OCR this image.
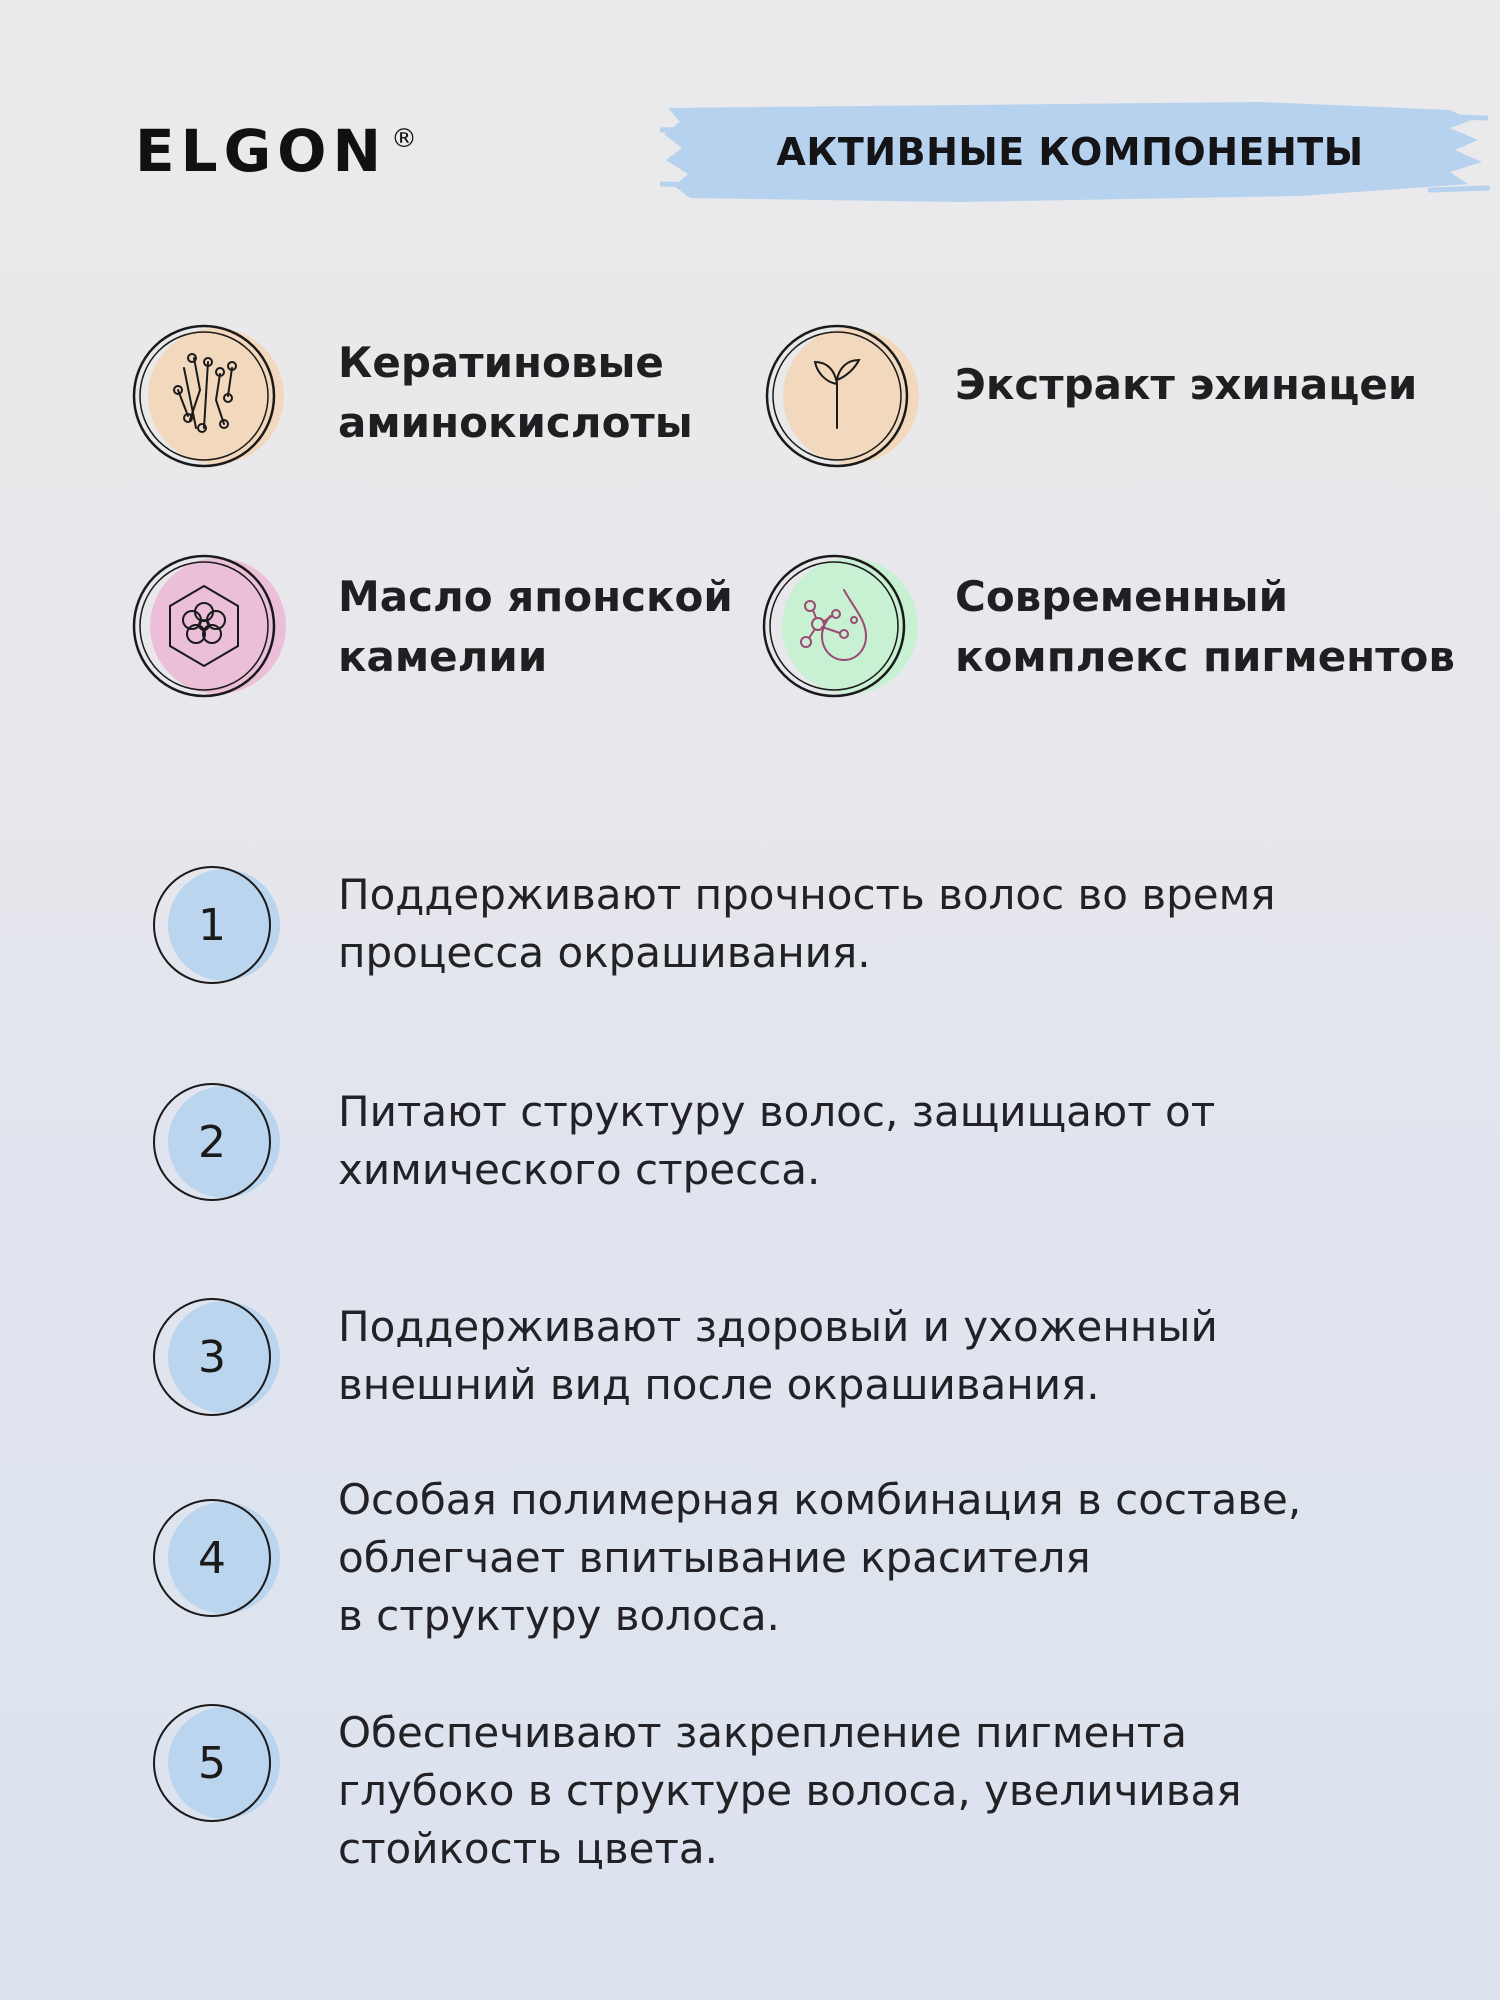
ELGON ®	АКТИВНЫЕ КОМПОНЕНТЫ
Кератиновые
аминокислоты
Экстракт эхинацеи
Масло японской
камелии
Современный
комплекс пигментов
1
Поддерживают прочность волос во время
процесса окрашивания.
2
Питают структуру волос, защищают от
химического стресса.
3
Поддерживают здоровый и ухоженный
внешний вид после окрашивания.
4
Особая полимерная комбинация в составе,
облегчает впитывание красителя
в структуру волоса.
5
Обеспечивают закрепление пигмента
глубоко в структуре волоса, увеличивая
стойкость цвета.
